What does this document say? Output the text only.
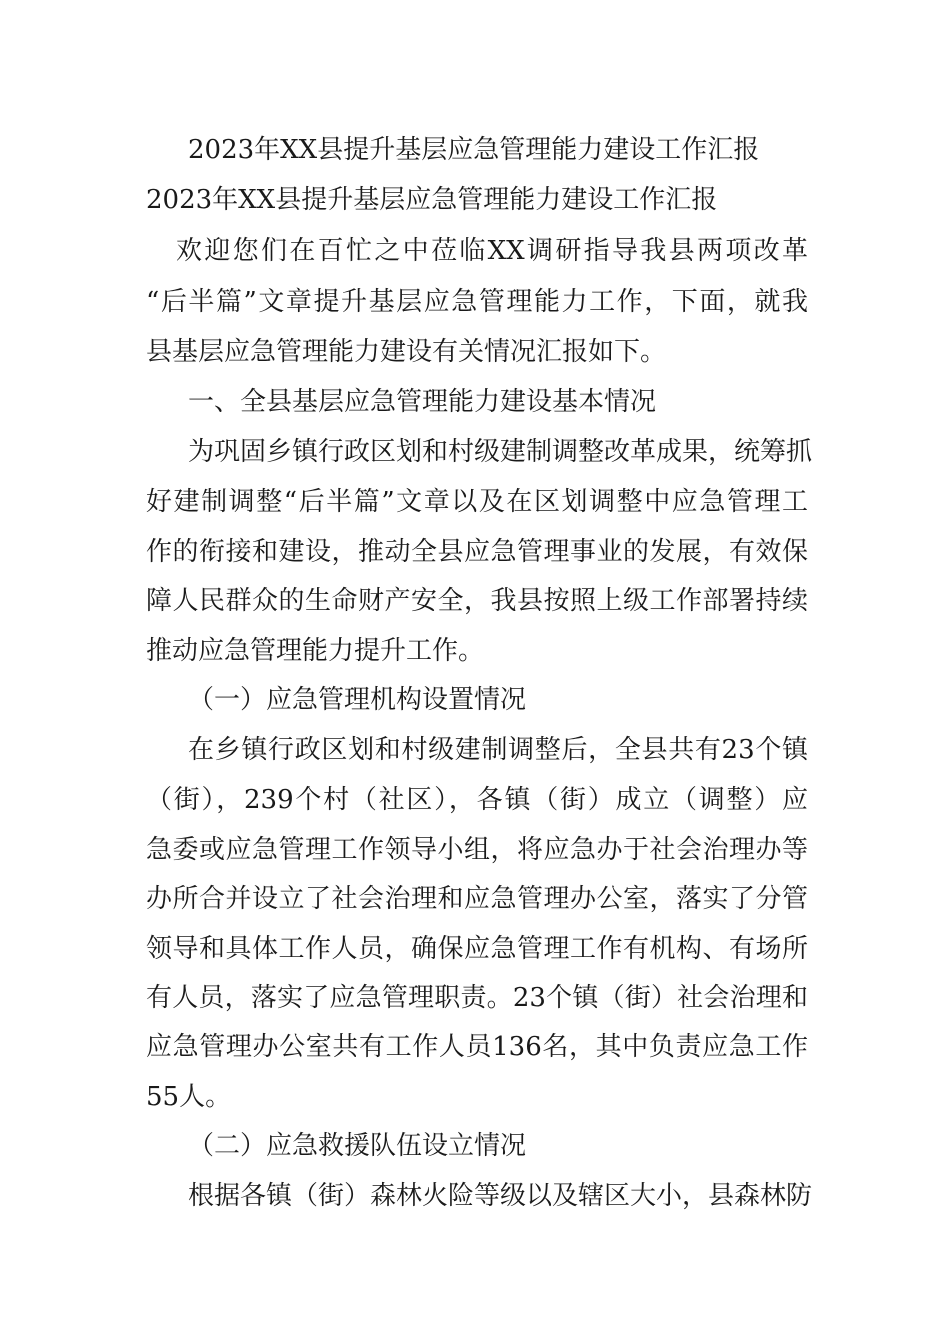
2023年XX县提升基层应急管理能力建设工作汇报
2023年XX县提升基层应急管理能力建设工作汇报
欢迎您们在百忙之中莅临XX调研指导我县两项改革
“后半篇”文章提升基层应急管理能力工作，下面，就我
县基层应急管理能力建设有关情况汇报如下。
一、全县基层应急管理能力建设基本情况
为巩固乡镇行政区划和村级建制调整改革成果，统筹抓
好建制调整“后半篇”文章以及在区划调整中应急管理工
作的衔接和建设，推动全县应急管理事业的发展，有效保
障人民群众的生命财产安全，我县按照上级工作部署持续
推动应急管理能力提升工作。
（一）应急管理机构设置情况
在乡镇行政区划和村级建制调整后，全县共有23个镇
（街），239个村（社区），各镇（街）成立（调整）应
急委或应急管理工作领导小组，将应急办于社会治理办等
办所合并设立了社会治理和应急管理办公室，落实了分管
领导和具体工作人员，确保应急管理工作有机构、有场所
有人员，落实了应急管理职责。23个镇（街）社会治理和
应急管理办公室共有工作人员136名，其中负责应急工作
55人。
（二）应急救援队伍设立情况
根据各镇（街）森林火险等级以及辖区大小，县森林防
